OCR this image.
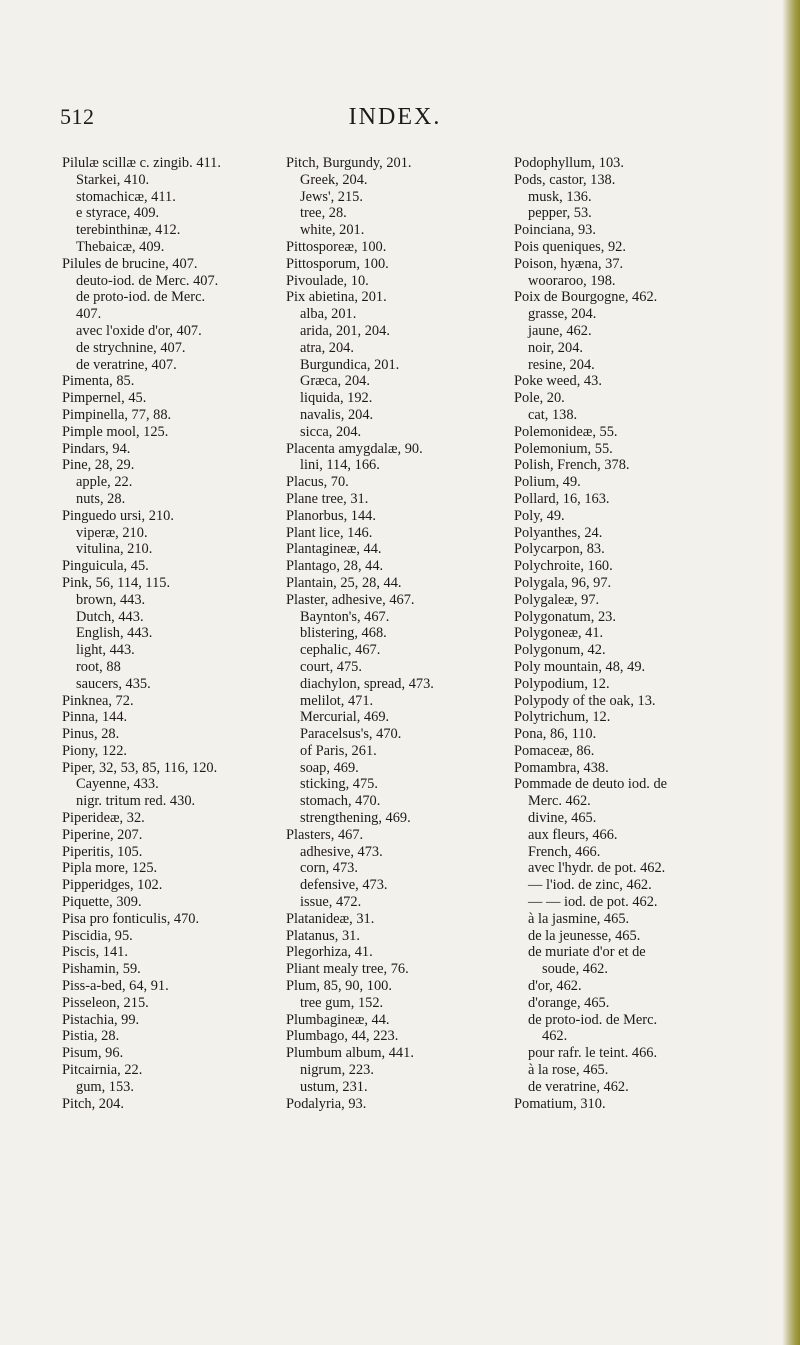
512	INDEX.
Pilulæ scillæ c. zingib. 411.
Starkei, 410.
stomachicæ, 411.
e styrace, 409.
terebinthinæ, 412.
Thebaicæ, 409.
Pilules de brucine, 407.
deuto-iod. de Merc. 407.
de proto-iod. de Merc.
407.
avec l'oxide d'or, 407.
de strychnine, 407.
de veratrine, 407.
Pimenta, 85.
Pimpernel, 45.
Pimpinella, 77, 88.
Pimple mool, 125.
Pindars, 94.
Pine, 28, 29.
apple, 22.
nuts, 28.
Pinguedo ursi, 210.
viperæ, 210.
vitulina, 210.
Pinguicula, 45.
Pink, 56, 114, 115.
brown, 443.
Dutch, 443.
English, 443.
light, 443.
root, 88
saucers, 435.
Pinknea, 72.
Pinna, 144.
Pinus, 28.
Piony, 122.
Piper, 32, 53, 85, 116, 120.
Cayenne, 433.
nigr. tritum red. 430.
Piperideæ, 32.
Piperine, 207.
Piperitis, 105.
Pipla more, 125.
Pipperidges, 102.
Piquette, 309.
Pisa pro fonticulis, 470.
Piscidia, 95.
Piscis, 141.
Pishamin, 59.
Piss-a-bed, 64, 91.
Pisseleon, 215.
Pistachia, 99.
Pistia, 28.
Pisum, 96.
Pitcairnia, 22.
gum, 153.
Pitch, 204.
Pitch, Burgundy, 201.
Greek, 204.
Jews', 215.
tree, 28.
white, 201.
Pittosporeæ, 100.
Pittosporum, 100.
Pivoulade, 10.
Pix abietina, 201.
alba, 201.
arida, 201, 204.
atra, 204.
Burgundica, 201.
Græca, 204.
liquida, 192.
navalis, 204.
sicca, 204.
Placenta amygdalæ, 90.
lini, 114, 166.
Placus, 70.
Plane tree, 31.
Planorbus, 144.
Plant lice, 146.
Plantagineæ, 44.
Plantago, 28, 44.
Plantain, 25, 28, 44.
Plaster, adhesive, 467.
Baynton's, 467.
blistering, 468.
cephalic, 467.
court, 475.
diachylon, spread, 473.
melilot, 471.
Mercurial, 469.
Paracelsus's, 470.
of Paris, 261.
soap, 469.
sticking, 475.
stomach, 470.
strengthening, 469.
Plasters, 467.
adhesive, 473.
corn, 473.
defensive, 473.
issue, 472.
Platanideæ, 31.
Platanus, 31.
Plegorhiza, 41.
Pliant mealy tree, 76.
Plum, 85, 90, 100.
tree gum, 152.
Plumbagineæ, 44.
Plumbago, 44, 223.
Plumbum album, 441.
nigrum, 223.
ustum, 231.
Podalyria, 93.
Podophyllum, 103.
Pods, castor, 138.
musk, 136.
pepper, 53.
Poinciana, 93.
Pois queniques, 92.
Poison, hyæna, 37.
wooraroo, 198.
Poix de Bourgogne, 462.
grasse, 204.
jaune, 462.
noir, 204.
resine, 204.
Poke weed, 43.
Pole, 20.
cat, 138.
Polemonideæ, 55.
Polemonium, 55.
Polish, French, 378.
Polium, 49.
Pollard, 16, 163.
Poly, 49.
Polyanthes, 24.
Polycarpon, 83.
Polychroite, 160.
Polygala, 96, 97.
Polygaleæ, 97.
Polygonatum, 23.
Polygoneæ, 41.
Polygonum, 42.
Poly mountain, 48, 49.
Polypodium, 12.
Polypody of the oak, 13.
Polytrichum, 12.
Pona, 86, 110.
Pomaceæ, 86.
Pomambra, 438.
Pommade de deuto iod. de
Merc. 462.
divine, 465.
aux fleurs, 466.
French, 466.
avec l'hydr. de pot. 462.
— l'iod. de zinc, 462.
— — iod. de pot. 462.
à la jasmine, 465.
de la jeunesse, 465.
de muriate d'or et de
soude, 462.
d'or, 462.
d'orange, 465.
de proto-iod. de Merc.
462.
pour rafr. le teint. 466.
à la rose, 465.
de veratrine, 462.
Pomatium, 310.
